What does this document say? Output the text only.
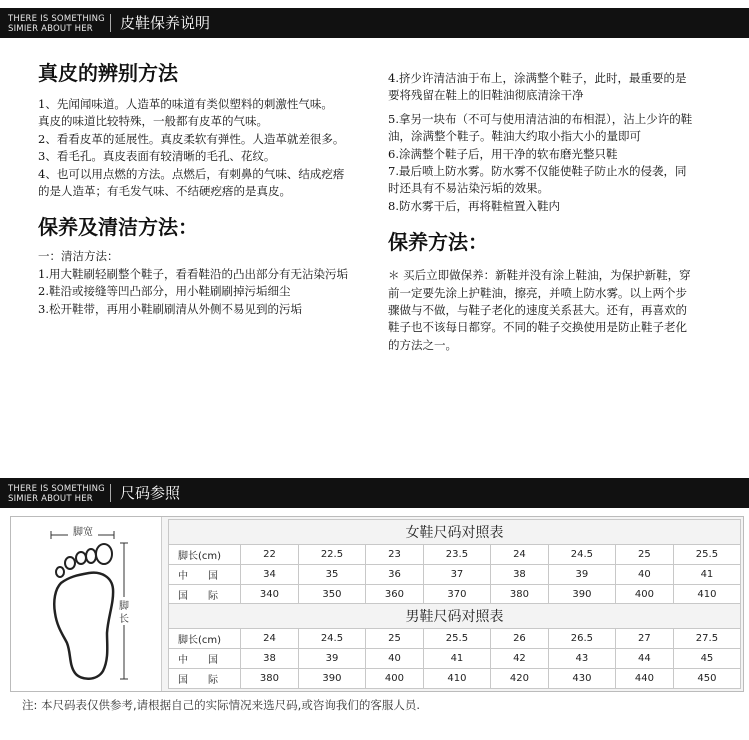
THERE IS SOMETHING
SIMIER ABOUT HER	皮鞋保养说明
真皮的辨别方法

1、先闻闻味道。人造革的味道有类似塑料的刺激性气味。

真皮的味道比较特殊，一般都有皮革的气味。

2、看看皮革的延展性。真皮柔软有弹性。人造革就差很多。

3、看毛孔。真皮表面有较清晰的毛孔、花纹。

4、也可以用点燃的方法。点燃后，有刺鼻的气味、结成疙瘩

的是人造革；有毛发气味、不结硬疙瘩的是真皮。

保养及清洁方法：

一：清洁方法：

1.用大鞋刷轻刷整个鞋子，看看鞋沿的凸出部分有无沾染污垢

2.鞋沿或接缝等凹凸部分，用小鞋刷刷掉污垢细尘

3.松开鞋带，再用小鞋刷刷清从外侧不易见到的污垢

4.挤少许清洁油于布上，涂满整个鞋子，此时，最重要的是要将残留在鞋上的旧鞋油彻底清涂干净

5.拿另一块布（不可与使用清洁油的布相混），沾上少许的鞋油，涂满整个鞋子。鞋油大约取小指大小的量即可

6.涂满整个鞋子后，用干净的软布磨光整只鞋

7.最后喷上防水雾。防水雾不仅能使鞋子防止水的侵袭，同时还具有不易沾染污垢的效果。

8.防水雾干后，再将鞋楦置入鞋内

保养方法：

＊ 买后立即做保养：新鞋并没有涂上鞋油，为保护新鞋，穿前一定要先涂上护鞋油，擦亮，并喷上防水雾。以上两个步骤做与不做，与鞋子老化的速度关系甚大。还有，再喜欢的鞋子也不该每日都穿。不同的鞋子交换使用是防止鞋子老化的方法之一。

THERE IS SOMETHING
SIMIER ABOUT HER	尺码参照
脚宽
脚长
女鞋尺码对照表								
脚长(cm)	22	22.5	23	23.5	24	24.5	25	25.5
中　　国	34	35	36	37	38	39	40	41
国　　际	340	350	360	370	380	390	400	410
男鞋尺码对照表								
脚长(cm)	24	24.5	25	25.5	26	26.5	27	27.5
中　　国	38	39	40	41	42	43	44	45
国　　际	380	390	400	410	420	430	440	450
注: 本尺码表仅供参考,请根据自己的实际情况来选尺码,或咨询我们的客服人员.
